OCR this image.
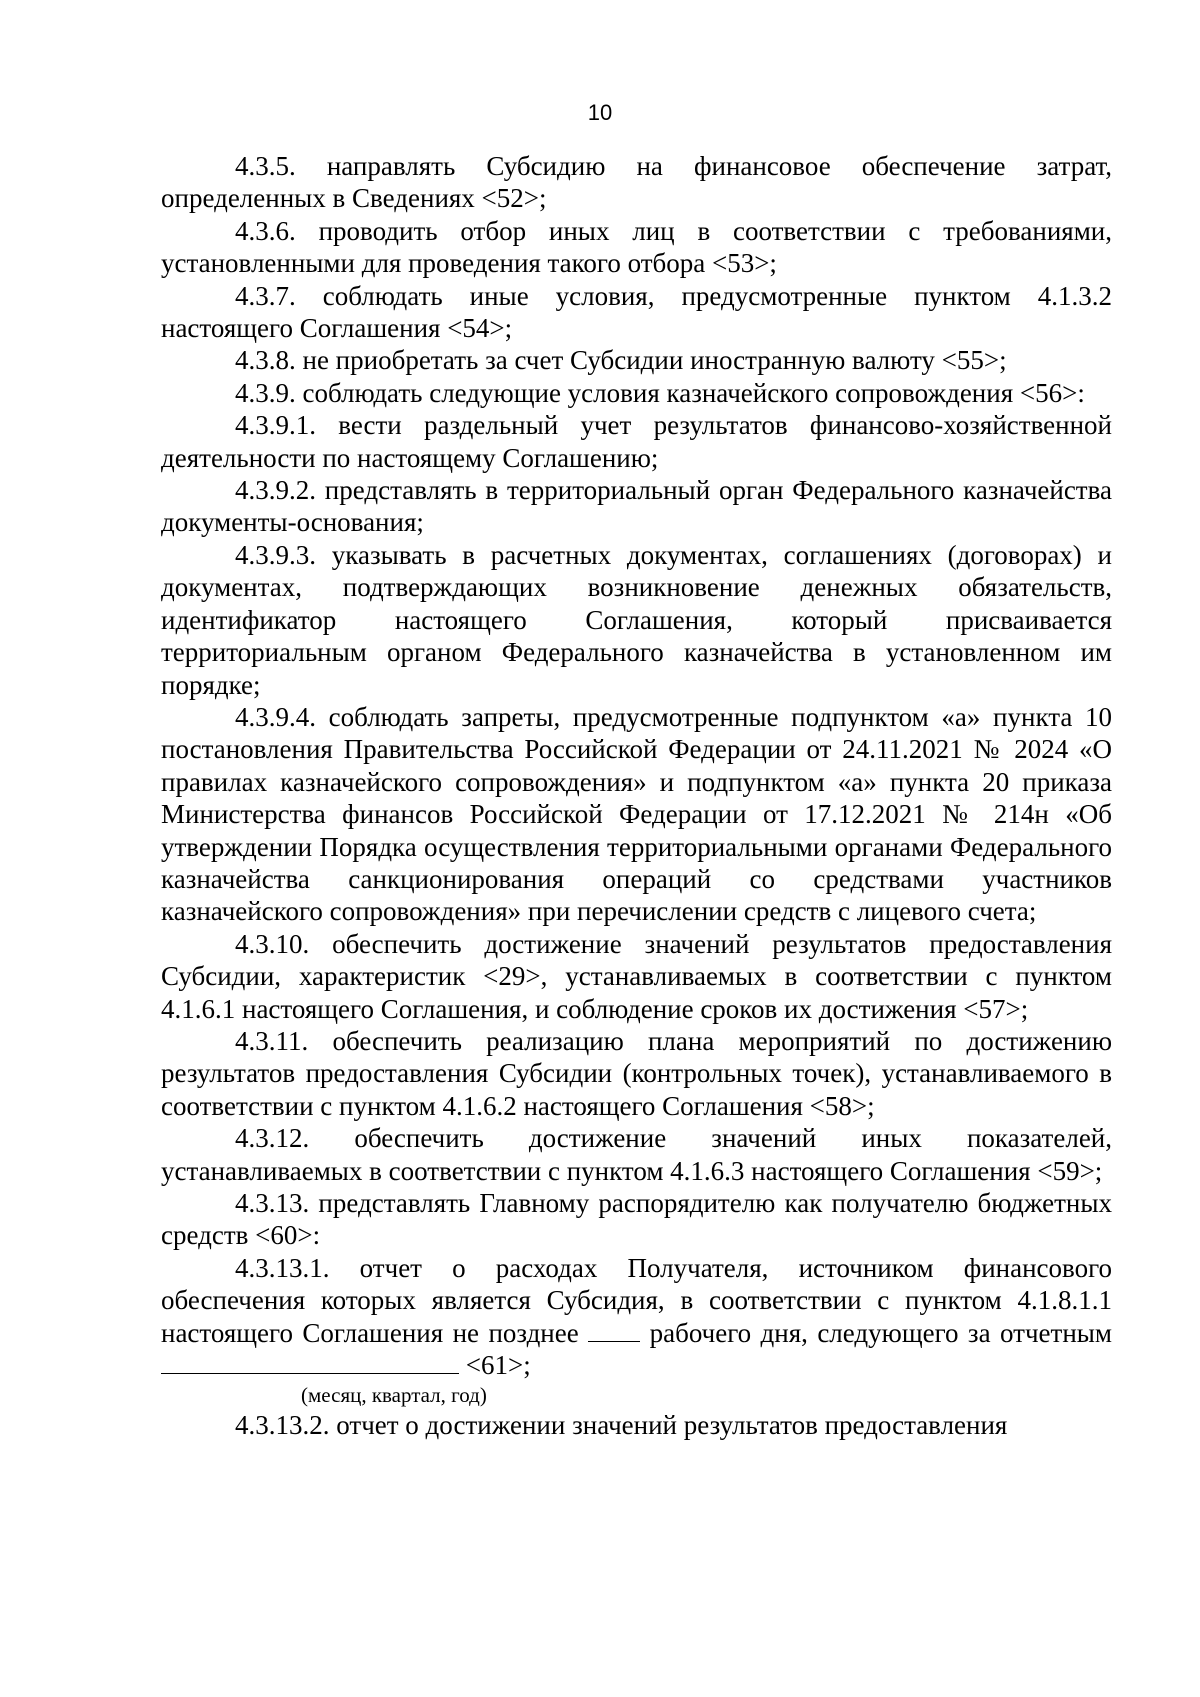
10

4.3.5. направлять Субсидию на финансовое обеспечение затрат, определенных в Сведениях <52>;

4.3.6. проводить отбор иных лиц в соответствии с требованиями, установленными для проведения такого отбора <53>;

4.3.7. соблюдать иные условия, предусмотренные пунктом 4.1.3.2 настоящего Соглашения <54>;

4.3.8. не приобретать за счет Субсидии иностранную валюту <55>;

4.3.9. соблюдать следующие условия казначейского сопровождения <56>:

4.3.9.1. вести раздельный учет результатов финансово-хозяйственной деятельности по настоящему Соглашению;

4.3.9.2. представлять в территориальный орган Федерального казначейства документы-основания;

4.3.9.3. указывать в расчетных документах, соглашениях (договорах) и документах, подтверждающих возникновение денежных обязательств, идентификатор настоящего Соглашения, который присваивается территориальным органом Федерального казначейства в установленном им порядке;

4.3.9.4. соблюдать запреты, предусмотренные подпунктом «а» пункта 10 постановления Правительства Российской Федерации от 24.11.2021 № 2024 «О правилах казначейского сопровождения» и подпунктом «а» пункта 20 приказа Министерства финансов Российской Федерации от 17.12.2021 № 214н «Об утверждении Порядка осуществления территориальными органами Федерального казначейства санкционирования операций со средствами участников казначейского сопровождения» при перечислении средств с лицевого счета;

4.3.10. обеспечить достижение значений результатов предоставления Субсидии, характеристик <29>, устанавливаемых в соответствии с пунктом 4.1.6.1 настоящего Соглашения, и соблюдение сроков их достижения <57>;

4.3.11. обеспечить реализацию плана мероприятий по достижению результатов предоставления Субсидии (контрольных точек), устанавливаемого в соответствии с пунктом 4.1.6.2 настоящего Соглашения <58>;

4.3.12. обеспечить достижение значений иных показателей, устанавливаемых в соответствии с пунктом 4.1.6.3 настоящего Соглашения <59>;

4.3.13. представлять Главному распорядителю как получателю бюджетных средств <60>:

4.3.13.1. отчет о расходах Получателя, источником финансового обеспечения которых является Субсидия, в соответствии с пунктом 4.1.8.1.1 настоящего Соглашения не позднее	рабочего дня, следующего за отчетным <61>;

(месяц, квартал, год)

4.3.13.2. отчет о достижении значений результатов предоставления
